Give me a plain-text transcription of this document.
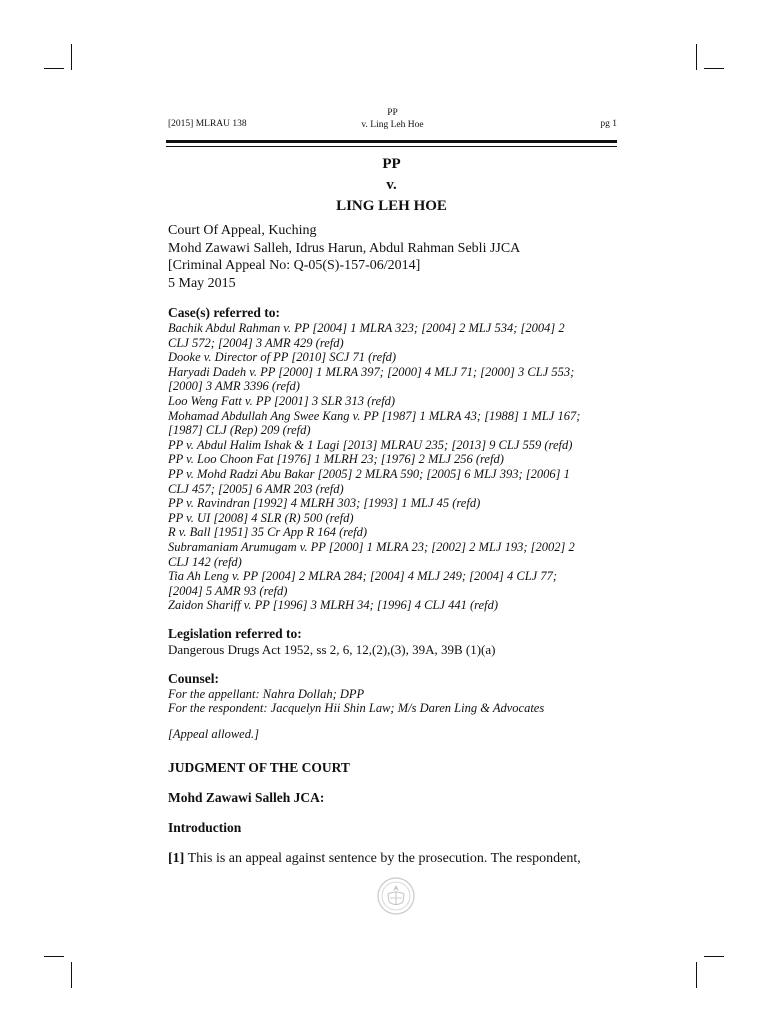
[2015] MLRAU 138
PP
v. Ling Leh Hoe	pg 1
PP
v.
LING LEH HOE
Court Of Appeal, Kuching
Mohd Zawawi Salleh, Idrus Harun, Abdul Rahman Sebli JJCA
[Criminal Appeal No: Q-05(S)-157-06/2014]
5 May 2015
Case(s) referred to:
Bachik Abdul Rahman v. PP [2004] 1 MLRA 323; [2004] 2 MLJ 534; [2004] 2
CLJ 572; [2004] 3 AMR 429 (refd)
Dooke v. Director of PP [2010] SCJ 71 (refd)
Haryadi Dadeh v. PP [2000] 1 MLRA 397; [2000] 4 MLJ 71; [2000] 3 CLJ 553;
[2000] 3 AMR 3396 (refd)
Loo Weng Fatt v. PP [2001] 3 SLR 313 (refd)
Mohamad Abdullah Ang Swee Kang v. PP [1987] 1 MLRA 43; [1988] 1 MLJ 167;
[1987] CLJ (Rep) 209 (refd)
PP v. Abdul Halim Ishak & 1 Lagi [2013] MLRAU 235; [2013] 9 CLJ 559 (refd)
PP v. Loo Choon Fat [1976] 1 MLRH 23; [1976] 2 MLJ 256 (refd)
PP v. Mohd Radzi Abu Bakar [2005] 2 MLRA 590; [2005] 6 MLJ 393; [2006] 1
CLJ 457; [2005] 6 AMR 203 (refd)
PP v. Ravindran [1992] 4 MLRH 303; [1993] 1 MLJ 45 (refd)
PP v. UI [2008] 4 SLR (R) 500 (refd)
R v. Ball [1951] 35 Cr App R 164 (refd)
Subramaniam Arumugam v. PP [2000] 1 MLRA 23; [2002] 2 MLJ 193; [2002] 2
CLJ 142 (refd)
Tia Ah Leng v. PP [2004] 2 MLRA 284; [2004] 4 MLJ 249; [2004] 4 CLJ 77;
[2004] 5 AMR 93 (refd)
Zaidon Shariff v. PP [1996] 3 MLRH 34; [1996] 4 CLJ 441 (refd)
Legislation referred to:
Dangerous Drugs Act 1952, ss 2, 6, 12,(2),(3), 39A, 39B (1)(a)
Counsel:
For the appellant: Nahra Dollah; DPP
For the respondent: Jacquelyn Hii Shin Law; M/s Daren Ling & Advocates
[Appeal allowed.]
JUDGMENT OF THE COURT
Mohd Zawawi Salleh JCA:
Introduction
[1] This is an appeal against sentence by the prosecution. The respondent,
